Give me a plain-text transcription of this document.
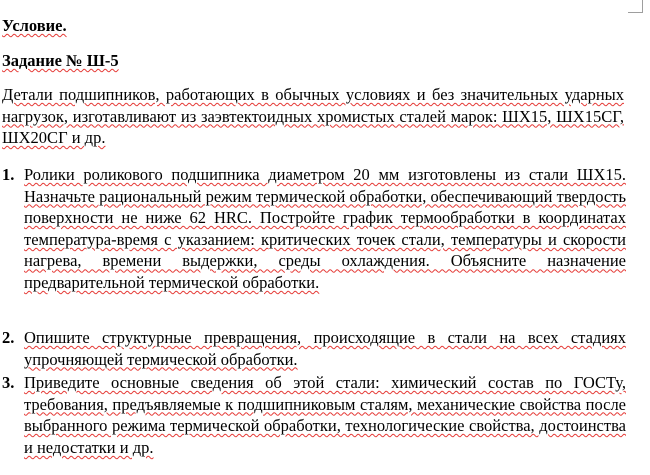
Условие.
Задание № Ш-5
Детали подшипников, работающих в обычных условиях и без значительных ударных нагрузок, изготавливают из заэвтектоидных хромистых сталей марок: ШХ15, ШХ15СГ, ШХ20СГ и др.
1. Ролики роликового подшипника диаметром 20 мм изготовлены из стали ШХ15. Назначьте рациональный режим термической обработки, обеспечивающий твердость поверхности не ниже 62 HRC. Постройте график термообработки в координатах температура-время с указанием: критических точек стали, температуры и скорости нагрева, времени выдержки, среды охлаждения. Объясните назначение предварительной термической обработки.
2. Опишите структурные превращения, происходящие в стали на всех стадиях упрочняющей термической обработки.
3. Приведите основные сведения об этой стали: химический состав по ГОСТу, требования, предъявляемые к подшипниковым сталям, механические свойства после выбранного режима термической обработки, технологические свойства, достоинства и недостатки и др.
